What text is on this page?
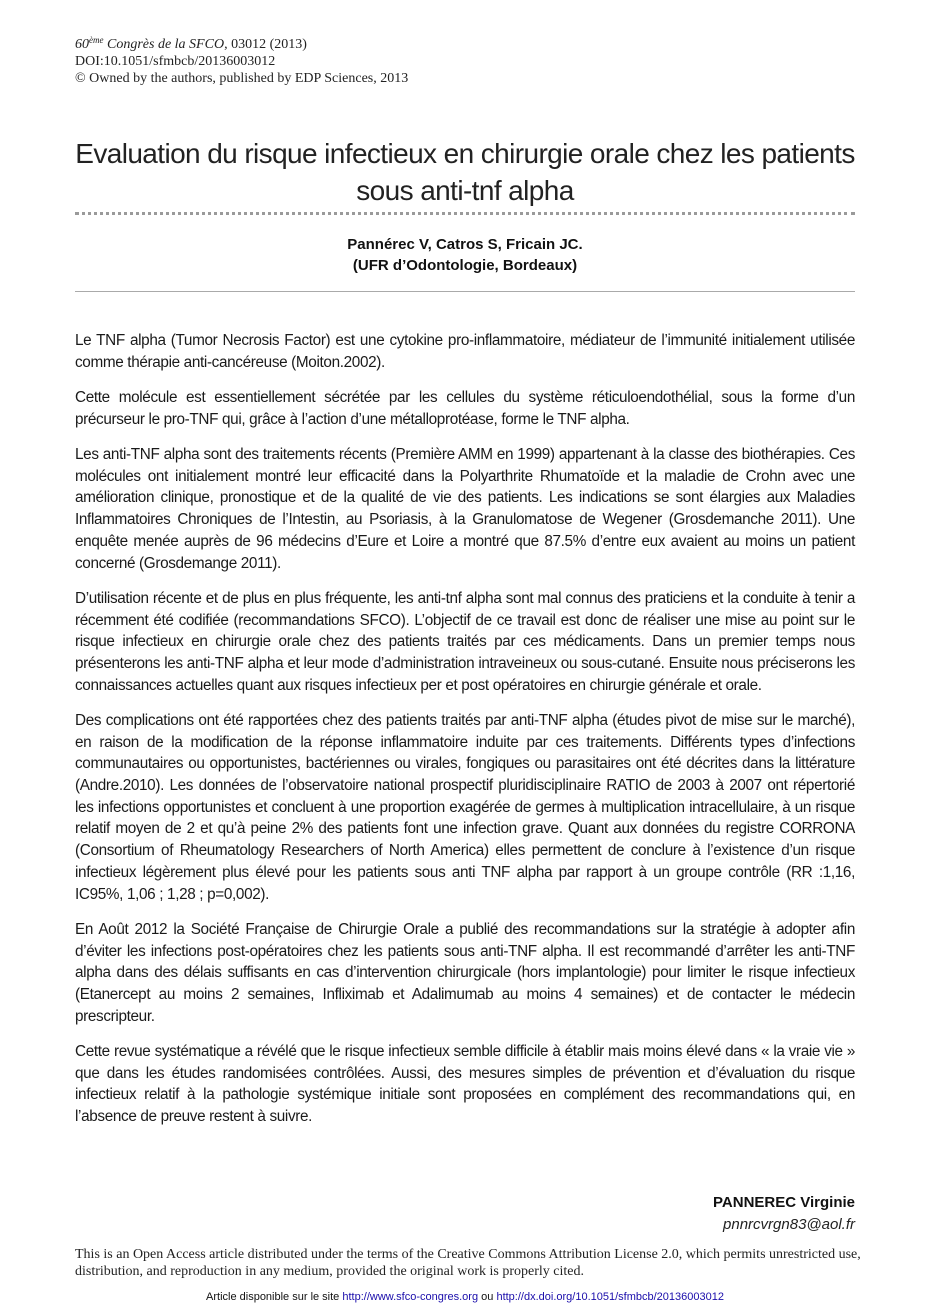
60ème Congrès de la SFCO, 03012 (2013)
DOI:10.1051/sfmbcb/20136003012
© Owned by the authors, published by EDP Sciences, 2013
Evaluation du risque infectieux en chirurgie orale chez les patients
sous anti-tnf alpha
Pannérec V, Catros S, Fricain JC.
(UFR d’Odontologie, Bordeaux)

Le TNF alpha (Tumor Necrosis Factor) est une cytokine pro-inflammatoire, médiateur de l’immunité initialement utilisée comme thérapie anti-cancéreuse (Moiton.2002).

Cette molécule est essentiellement sécrétée par les cellules du système réticuloendothélial, sous la forme d’un précurseur le pro-TNF qui, grâce à l’action d’une métalloprotéase, forme le TNF alpha.

Les anti-TNF alpha sont des traitements récents (Première AMM en 1999) appartenant à la classe des biothérapies. Ces molécules ont initialement montré leur efficacité dans la Polyarthrite Rhumatoïde et la maladie de Crohn avec une amélioration clinique, pronostique et de la qualité de vie des patients. Les indications se sont élargies aux Maladies Inflammatoires Chroniques de l’Intestin, au Psoriasis, à la Granulomatose de Wegener (Grosdemanche 2011). Une enquête menée auprès de 96 médecins d’Eure et Loire a montré que 87.5% d’entre eux avaient au moins un patient concerné (Grosdemange 2011).

D’utilisation récente et de plus en plus fréquente, les anti-tnf alpha sont mal connus des praticiens et la conduite à tenir a récemment été codifiée (recommandations SFCO). L’objectif de ce travail est donc de réaliser une mise au point sur le risque infectieux en chirurgie orale chez des patients traités par ces médicaments. Dans un premier temps nous présenterons les anti-TNF alpha et leur mode d’administration intraveineux ou sous-cutané. Ensuite nous préciserons les connaissances actuelles quant aux risques infectieux per et post opératoires en chirurgie générale et orale.

Des complications ont été rapportées chez des patients traités par anti-TNF alpha (études pivot de mise sur le marché), en raison de la modification de la réponse inflammatoire induite par ces traitements. Différents types d’infections communautaires ou opportunistes, bactériennes ou virales, fongiques ou parasitaires ont été décrites dans la littérature (Andre.2010). Les données de l’observatoire national prospectif pluridisciplinaire RATIO de 2003 à 2007 ont répertorié les infections opportunistes et concluent à une proportion exagérée de germes à multiplication intracellulaire, à un risque relatif moyen de 2 et qu’à peine 2% des patients font une infection grave. Quant aux données du registre CORRONA (Consortium of Rheumatology Researchers of North America) elles permettent de conclure à l’existence d’un risque infectieux légèrement plus élevé pour les patients sous anti TNF alpha par rapport à un groupe contrôle (RR :1,16, IC95%, 1,06 ; 1,28 ; p=0,002).

En Août 2012 la Société Française de Chirurgie Orale a publié des recommandations sur la stratégie à adopter afin d’éviter les infections post-opératoires chez les patients sous anti-TNF alpha. Il est recommandé d’arrêter les anti-TNF alpha dans des délais suffisants en cas d’intervention chirurgicale (hors implantologie) pour limiter le risque infectieux (Etanercept au moins 2 semaines, Infliximab et Adalimumab au moins 4 semaines) et de contacter le médecin prescripteur.

Cette revue systématique a révélé que le risque infectieux semble difficile à établir mais moins élevé dans « la vraie vie » que dans les études randomisées contrôlées. Aussi, des mesures simples de prévention et d’évaluation du risque infectieux relatif à la pathologie systémique initiale sont proposées en complément des recommandations qui, en l’absence de preuve restent à suivre.

PANNEREC Virginie
pnnrcvrgn83@aol.fr
This is an Open Access article distributed under the terms of the Creative Commons Attribution License 2.0, which permits unrestricted use, distribution, and reproduction in any medium, provided the original work is properly cited.
Article disponible sur le site http://www.sfco-congres.org ou http://dx.doi.org/10.1051/sfmbcb/20136003012
